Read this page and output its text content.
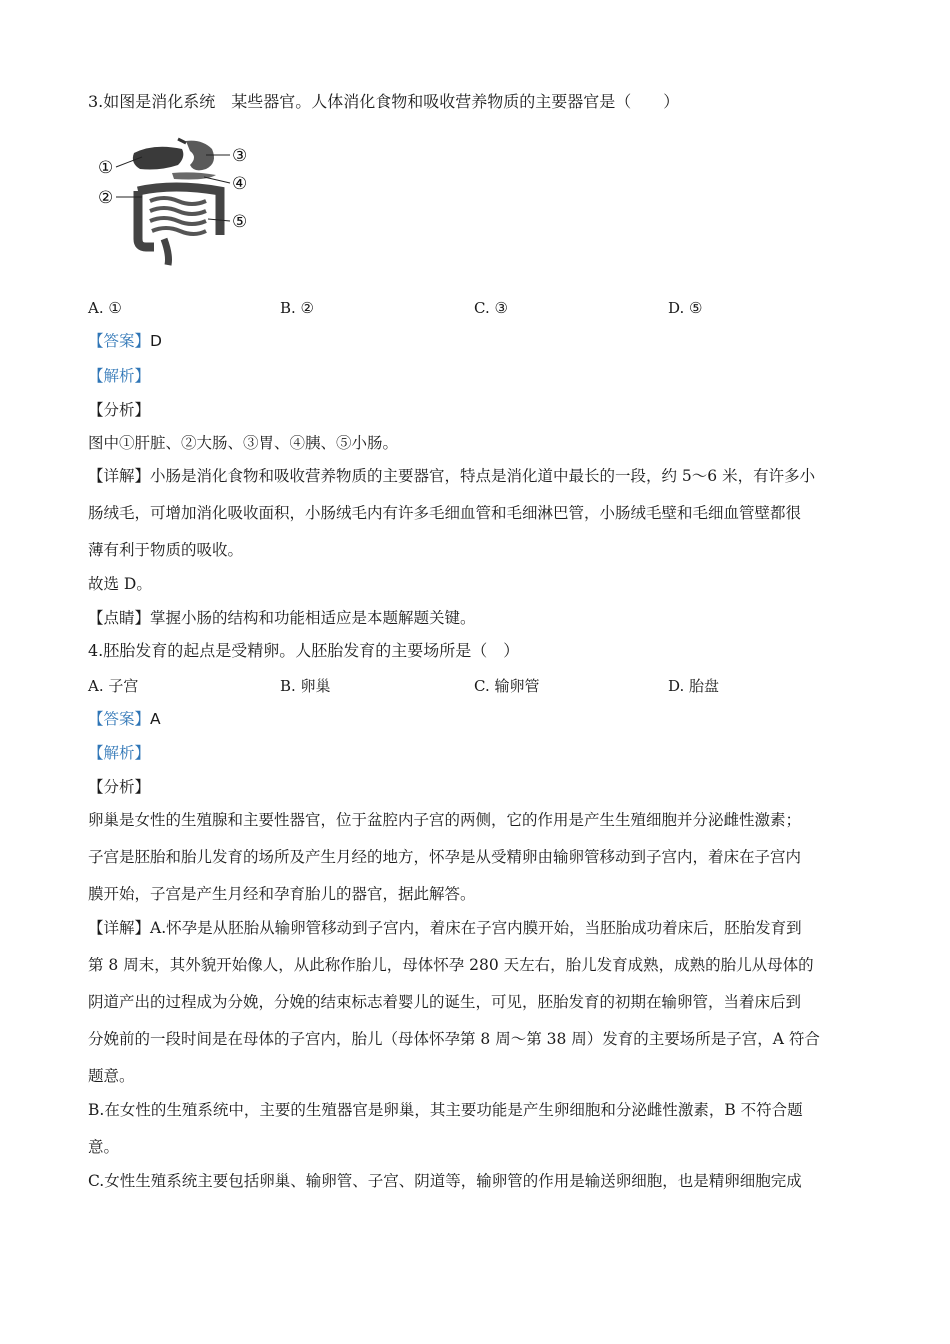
3.如图是消化系统　某些器官。人体消化食物和吸收营养物质的主要器官是（　　）
①
②
③
④
⑤
A. ①	B. ②	C. ③	D. ⑤
【答案】D
【解析】
【分析】
图中①肝脏、②大肠、③胃、④胰、⑤小肠。
【详解】小肠是消化食物和吸收营养物质的主要器官，特点是消化道中最长的一段，约 5～6 米，有许多小
肠绒毛，可增加消化吸收面积，小肠绒毛内有许多毛细血管和毛细淋巴管，小肠绒毛壁和毛细血管壁都很
薄有利于物质的吸收。
故选 D。
【点睛】掌握小肠的结构和功能相适应是本题解题关键。
4.胚胎发育的起点是受精卵。人胚胎发育的主要场所是（　）
A. 子宫	B. 卵巢	C. 输卵管	D. 胎盘
【答案】A
【解析】
【分析】
卵巢是女性的生殖腺和主要性器官，位于盆腔内子宫的两侧，它的作用是产生生殖细胞并分泌雌性激素；
子宫是胚胎和胎儿发育的场所及产生月经的地方，怀孕是从受精卵由输卵管移动到子宫内，着床在子宫内
膜开始，子宫是产生月经和孕育胎儿的器官，据此解答。
【详解】A.怀孕是从胚胎从输卵管移动到子宫内，着床在子宫内膜开始，当胚胎成功着床后，胚胎发育到
第 8 周末，其外貌开始像人，从此称作胎儿，母体怀孕 280 天左右，胎儿发育成熟，成熟的胎儿从母体的
阴道产出的过程成为分娩，分娩的结束标志着婴儿的诞生，可见，胚胎发育的初期在输卵管，当着床后到
分娩前的一段时间是在母体的子宫内，胎儿（母体怀孕第 8 周～第 38 周）发育的主要场所是子宫，A 符合
题意。
B.在女性的生殖系统中，主要的生殖器官是卵巢，其主要功能是产生卵细胞和分泌雌性激素，B 不符合题
意。
C.女性生殖系统主要包括卵巢、输卵管、子宫、阴道等，输卵管的作用是输送卵细胞，也是精卵细胞完成
